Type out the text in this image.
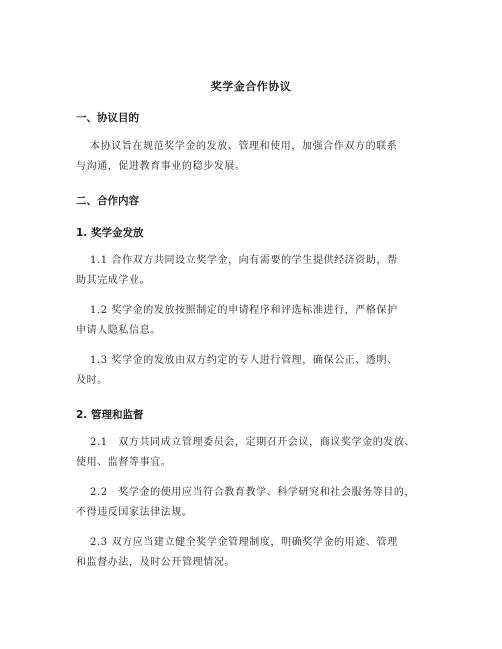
奖学金合作协议
一、协议目的
本协议旨在规范奖学金的发放、管理和使用，加强合作双方的联系
与沟通，促进教育事业的稳步发展。
二、合作内容
1. 奖学金发放
1.1 合作双方共同设立奖学金，向有需要的学生提供经济资助，帮
助其完成学业。
1.2 奖学金的发放按照制定的申请程序和评选标准进行，严格保护
申请人隐私信息。
1.3 奖学金的发放由双方约定的专人进行管理，确保公正、透明、
及时。
2. 管理和监督
2.1　双方共同成立管理委员会，定期召开会议，商议奖学金的发放、
使用、监督等事宜。
2.2　奖学金的使用应当符合教育教学、科学研究和社会服务等目的，
不得违反国家法律法规。
2.3 双方应当建立健全奖学金管理制度，明确奖学金的用途、管理
和监督办法，及时公开管理情况。
